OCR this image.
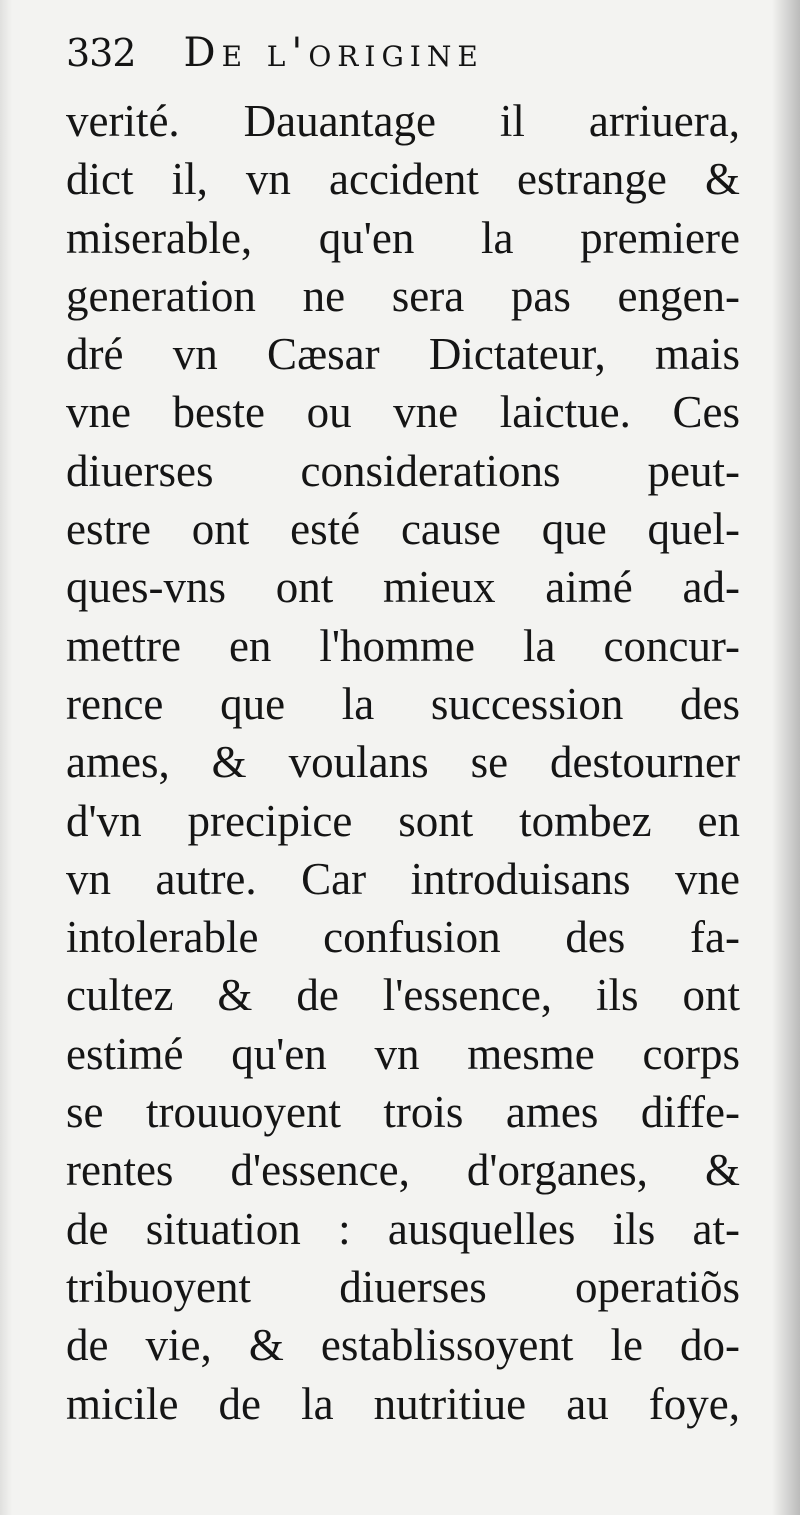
332 De l'origine
verité. Dauantage il arriuera,
dict il, vn accident estrange &
miserable, qu'en la premiere
generation ne sera pas engen-
dré vn Cæsar Dictateur, mais
vne beste ou vne laictue. Ces
diuerses considerations peut-
estre ont esté cause que quel-
ques-vns ont mieux aimé ad-
mettre en l'homme la concur-
rence que la succession des
ames, & voulans se destourner
d'vn precipice sont tombez en
vn autre. Car introduisans vne
intolerable confusion des fa-
cultez & de l'essence, ils ont
estimé qu'en vn mesme corps
se trouuoyent trois ames diffe-
rentes d'essence, d'organes, &
de situation : ausquelles ils at-
tribuoyent diuerses operatiõs
de vie, & establissoyent le do-
micile de la nutritiue au foye,
